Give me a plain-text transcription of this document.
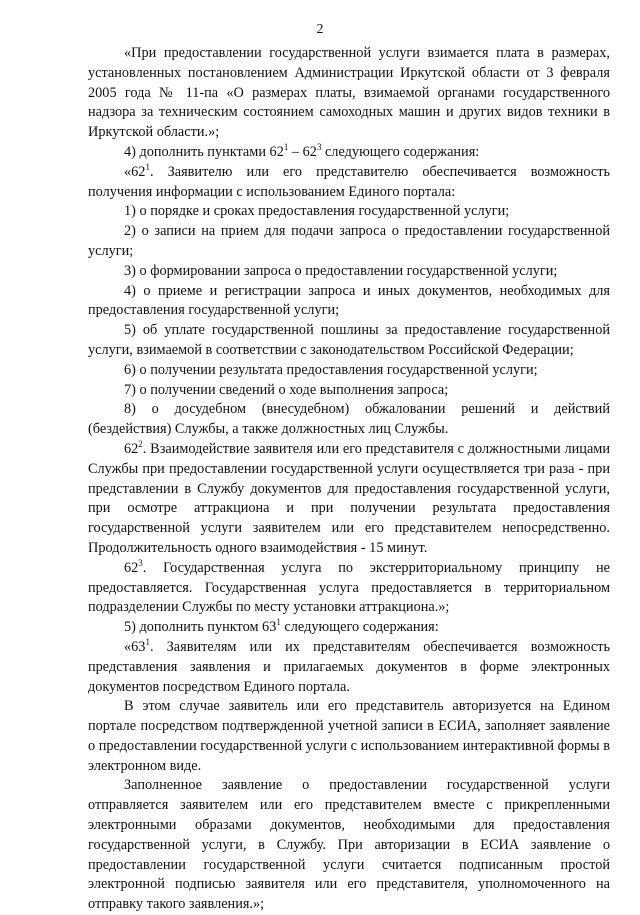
2

«При предоставлении государственной услуги взимается плата в размерах, установленных постановлением Администрации Иркутской области от 3 февраля 2005 года № 11-па «О размерах платы, взимаемой органами государственного надзора за техническим состоянием самоходных машин и других видов техники в Иркутской области.»;

4) дополнить пунктами $62^1 - 62^3$ следующего содержания:

«$62^1$. Заявителю или его представителю обеспечивается возможность получения информации с использованием Единого портала:

1) о порядке и сроках предоставления государственной услуги;

2) о записи на прием для подачи запроса о предоставлении государственной услуги;

3) о формировании запроса о предоставлении государственной услуги;

4) о приеме и регистрации запроса и иных документов, необходимых для предоставления государственной услуги;

5) об уплате государственной пошлины за предоставление государственной услуги, взимаемой в соответствии с законодательством Российской Федерации;

6) о получении результата предоставления государственной услуги;

7) о получении сведений о ходе выполнения запроса;

8) о досудебном (внесудебном) обжаловании решений и действий (бездействия) Службы, а также должностных лиц Службы.

$62^2$. Взаимодействие заявителя или его представителя с должностными лицами Службы при предоставлении государственной услуги осуществляется три раза - при представлении в Службу документов для предоставления государственной услуги, при осмотре аттракциона и при получении результата предоставления государственной услуги заявителем или его представителем непосредственно. Продолжительность одного взаимодействия - 15 минут.

$62^3$. Государственная услуга по экстерриториальному принципу не предоставляется. Государственная услуга предоставляется в территориальном подразделении Службы по месту установки аттракциона.»;

5) дополнить пунктом $63^1$ следующего содержания:

«$63^1$. Заявителям или их представителям обеспечивается возможность представления заявления и прилагаемых документов в форме электронных документов посредством Единого портала.

В этом случае заявитель или его представитель авторизуется на Едином портале посредством подтвержденной учетной записи в ЕСИА, заполняет заявление о предоставлении государственной услуги с использованием интерактивной формы в электронном виде.

Заполненное заявление о предоставлении государственной услуги отправляется заявителем или его представителем вместе с прикрепленными электронными образами документов, необходимыми для предоставления государственной услуги, в Службу. При авторизации в ЕСИА заявление о предоставлении государственной услуги считается подписанным простой электронной подписью заявителя или его представителя, уполномоченного на отправку такого заявления.»;
